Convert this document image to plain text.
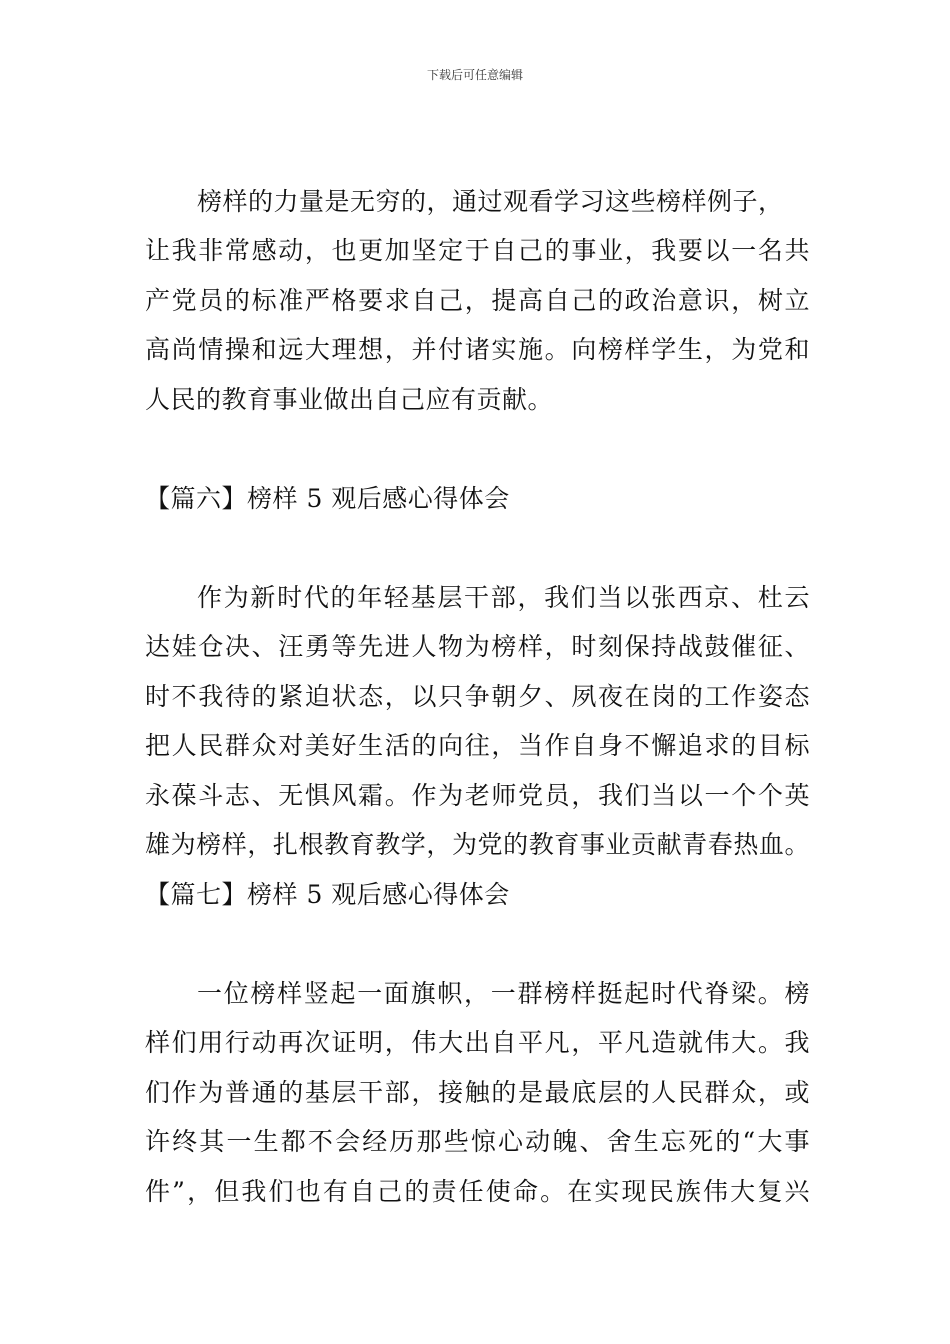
下载后可任意编辑
榜样的力量是无穷的，通过观看学习这些榜样例子，
让我非常感动，也更加坚定于自己的事业，我要以一名共
产党员的标准严格要求自己，提高自己的政治意识，树立
高尚情操和远大理想，并付诸实施。向榜样学生，为党和
人民的教育事业做出自己应有贡献。
【篇六】榜样 5 观后感心得体会
作为新时代的年轻基层干部，我们当以张西京、杜云
达娃仓决、汪勇等先进人物为榜样，时刻保持战鼓催征、
时不我待的紧迫状态，以只争朝夕、夙夜在岗的工作姿态
把人民群众对美好生活的向往，当作自身不懈追求的目标
永葆斗志、无惧风霜。作为老师党员，我们当以一个个英
雄为榜样，扎根教育教学，为党的教育事业贡献青春热血。
【篇七】榜样 5 观后感心得体会
一位榜样竖起一面旗帜，一群榜样挺起时代脊梁。榜
样们用行动再次证明，伟大出自平凡，平凡造就伟大。我
们作为普通的基层干部，接触的是最底层的人民群众，或
许终其一生都不会经历那些惊心动魄、舍生忘死的“大事
件”，但我们也有自己的责任使命。在实现民族伟大复兴
